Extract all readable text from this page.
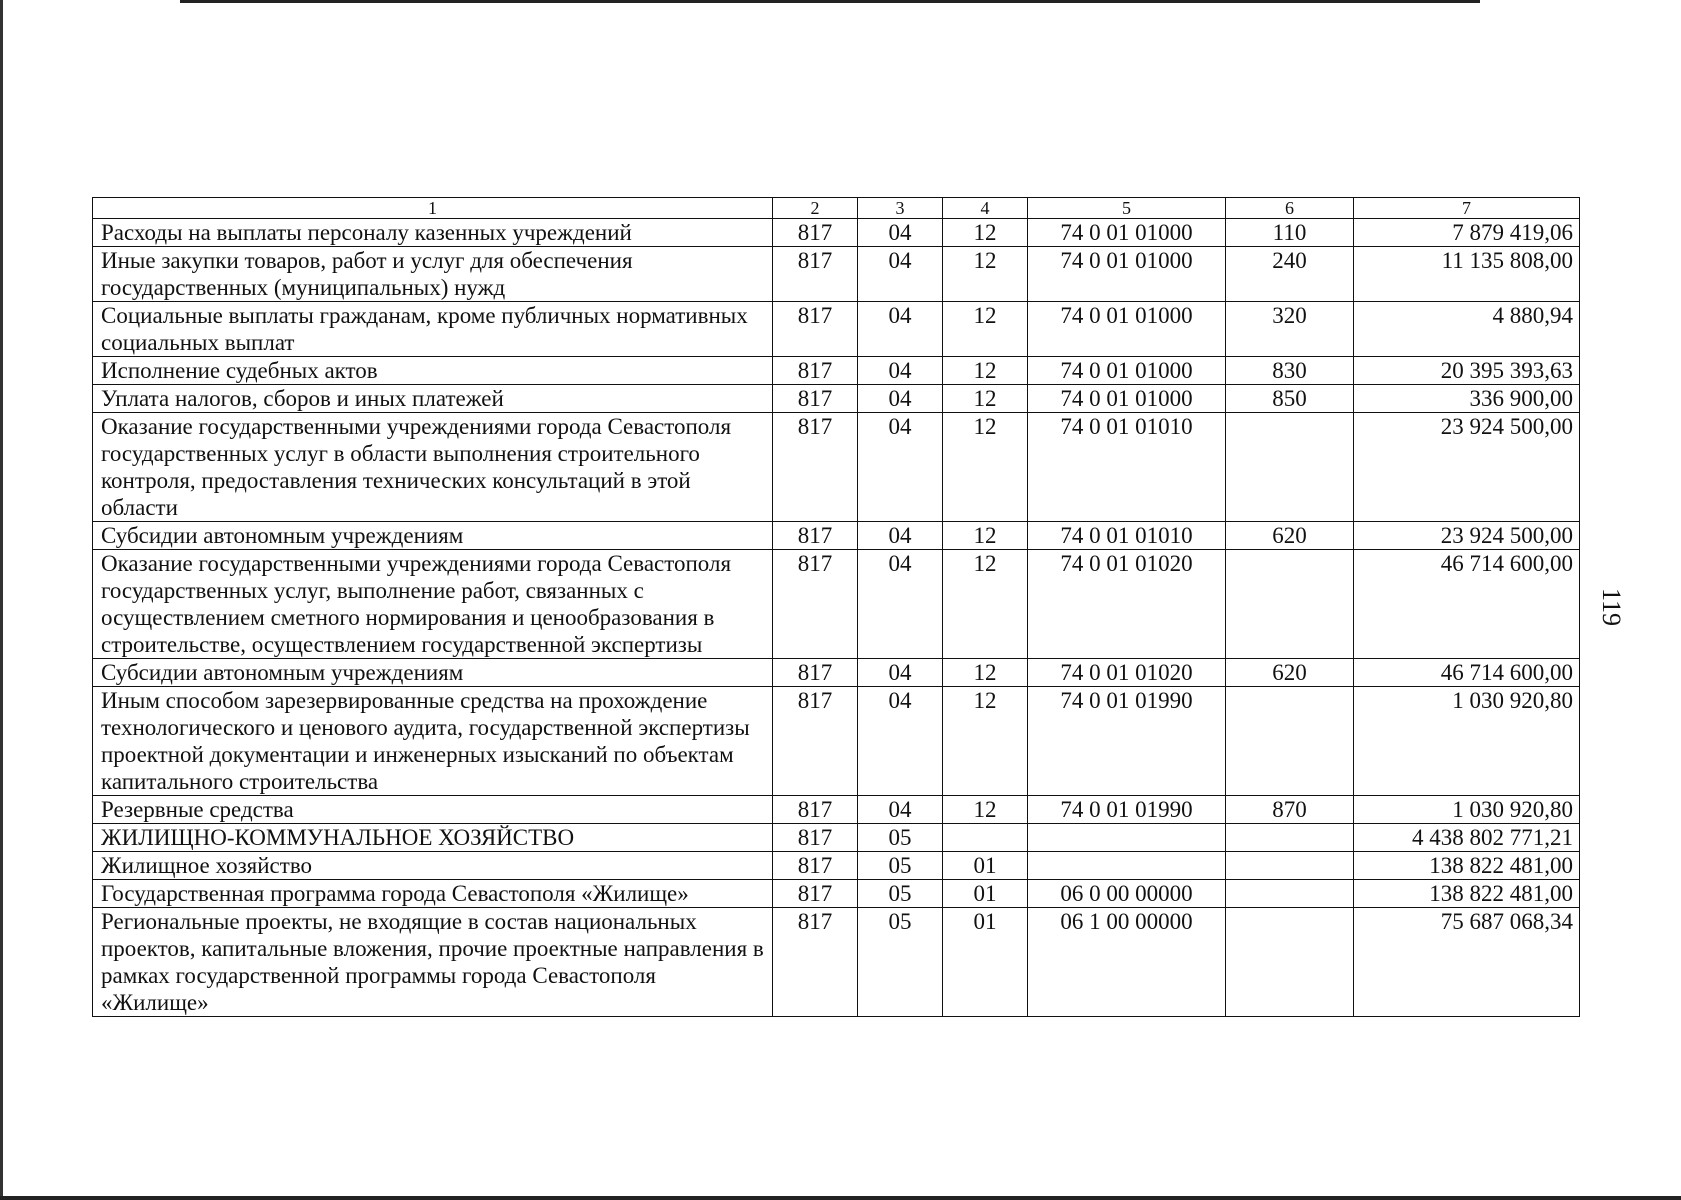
1	2	3	4	5	6	7
Расходы на выплаты персоналу казенных учреждений	817	04	12	74 0 01 01000	110	7 879 419,06
Иные закупки товаров, работ и услуг для обеспечения государственных (муниципальных) нужд	817	04	12	74 0 01 01000	240	11 135 808,00
Социальные выплаты гражданам, кроме публичных нормативных социальных выплат	817	04	12	74 0 01 01000	320	4 880,94
Исполнение судебных актов	817	04	12	74 0 01 01000	830	20 395 393,63
Уплата налогов, сборов и иных платежей	817	04	12	74 0 01 01000	850	336 900,00
Оказание государственными учреждениями города Севастополя государственных услуг в области выполнения строительного контроля, предоставления технических консультаций в этой области	817	04	12	74 0 01 01010		23 924 500,00
Субсидии автономным учреждениям	817	04	12	74 0 01 01010	620	23 924 500,00
Оказание государственными учреждениями города Севастополя государственных услуг, выполнение работ, связанных с осуществлением сметного нормирования и ценообразования в строительстве, осуществлением государственной экспертизы	817	04	12	74 0 01 01020		46 714 600,00
Субсидии автономным учреждениям	817	04	12	74 0 01 01020	620	46 714 600,00
Иным способом зарезервированные средства на прохождение технологического и ценового аудита, государственной экспертизы проектной документации и инженерных изысканий по объектам капитального строительства	817	04	12	74 0 01 01990		1 030 920,80
Резервные средства	817	04	12	74 0 01 01990	870	1 030 920,80
ЖИЛИЩНО-КОММУНАЛЬНОЕ ХОЗЯЙСТВО	817	05				4 438 802 771,21
Жилищное хозяйство	817	05	01			138 822 481,00
Государственная программа города Севастополя «Жилище»	817	05	01	06 0 00 00000		138 822 481,00
Региональные проекты, не входящие в состав национальных проектов, капитальные вложения, прочие проектные направления в рамках государственной программы города Севастополя «Жилище»	817	05	01	06 1 00 00000		75 687 068,34
119
